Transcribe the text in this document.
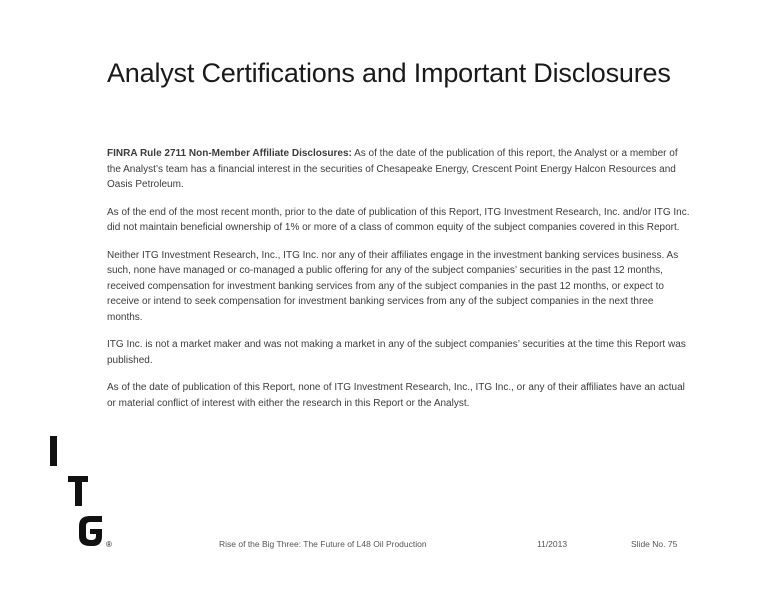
Analyst Certifications and Important Disclosures

FINRA Rule 2711 Non-Member Affiliate Disclosures: As of the date of the publication of this report, the Analyst or a member of the Analyst’s team has a financial interest in the securities of Chesapeake Energy, Crescent Point Energy Halcon Resources and Oasis Petroleum.

As of the end of the most recent month, prior to the date of publication of this Report, ITG Investment Research, Inc. and/or ITG Inc. did not maintain beneficial ownership of 1% or more of a class of common equity of the subject companies covered in this Report.

Neither ITG Investment Research, Inc., ITG Inc. nor any of their affiliates engage in the investment banking services business. As such, none have managed or co-managed a public offering for any of the subject companies’ securities in the past 12 months, received compensation for investment banking services from any of the subject companies in the past 12 months, or expect to receive or intend to seek compensation for investment banking services from any of the subject companies in the next three months.

ITG Inc. is not a market maker and was not making a market in any of the subject companies’ securities at the time this Report was published.

As of the date of publication of this Report, none of ITG Investment Research, Inc., ITG Inc., or any of their affiliates have an actual or material conflict of interest with either the research in this Report or the Analyst.

®	Rise of the Big Three: The Future of L48 Oil Production	11/2013	Slide No. 75
